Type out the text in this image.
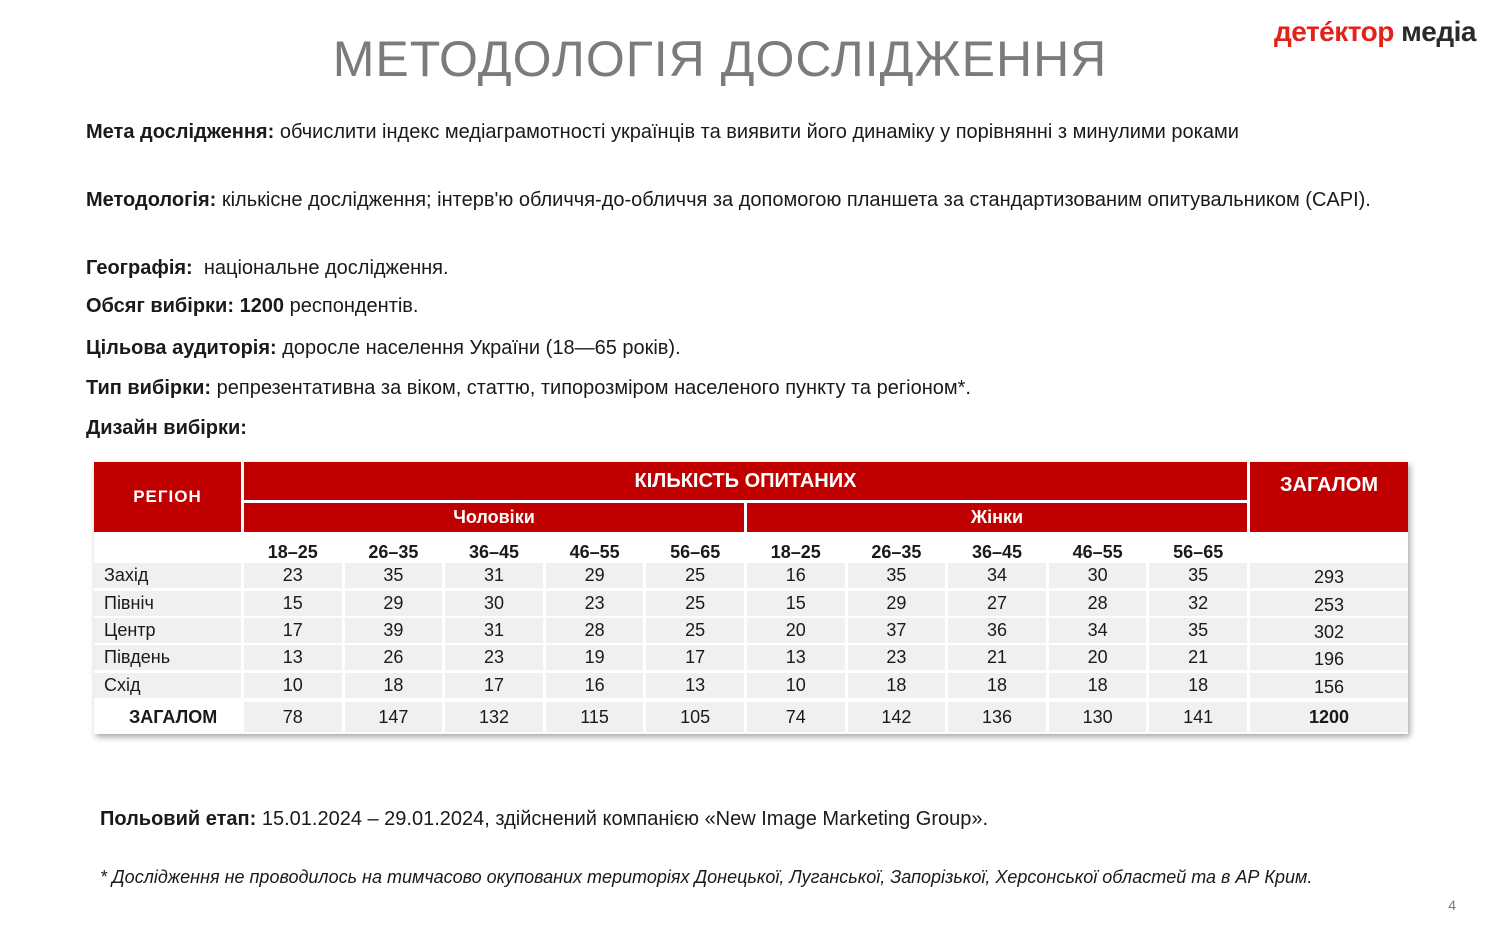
МЕТОДОЛОГІЯ ДОСЛІДЖЕННЯ	детéктор медіа
Мета дослідження: обчислити індекс медіаграмотності українців та виявити його динаміку у порівнянні з минулими роками
Методологія: кількісне дослідження; інтерв'ю обличчя-до-обличчя за допомогою планшета за стандартизованим опитувальником (CAPI).
Географія:  національне дослідження.
Обсяг вибірки: 1200 респондентів.
Цільова аудиторія: доросле населення України (18—65 років).
Тип вибірки: репрезентативна за віком, статтю, типорозміром населеного пункту та регіоном*.
Дизайн вибірки:
РЕГІОН
КІЛЬКІСТЬ ОПИТАНИХ	ЗАГАЛОМ
Чоловіки	Жінки
18–25	26–35	36–45	46–55	56–65	18–25	26–35	36–45	46–55	56–65
Захід	23	35	31	29	25	16	35	34	30	35	293
Північ	15	29	30	23	25	15	29	27	28	32	253
Центр	17	39	31	28	25	20	37	36	34	35	302
Південь	13	26	23	19	17	13	23	21	20	21	196
Схід	10	18	17	16	13	10	18	18	18	18	156
ЗАГАЛОМ	78	147	132	115	105	74	142	136	130	141	1200
Польовий етап: 15.01.2024 – 29.01.2024, здійснений компанією «New Image Marketing Group».
* Дослідження не проводилось на тимчасово окупованих територіях Донецької, Луганської, Запорізької, Херсонської областей та в АР Крим.
4
